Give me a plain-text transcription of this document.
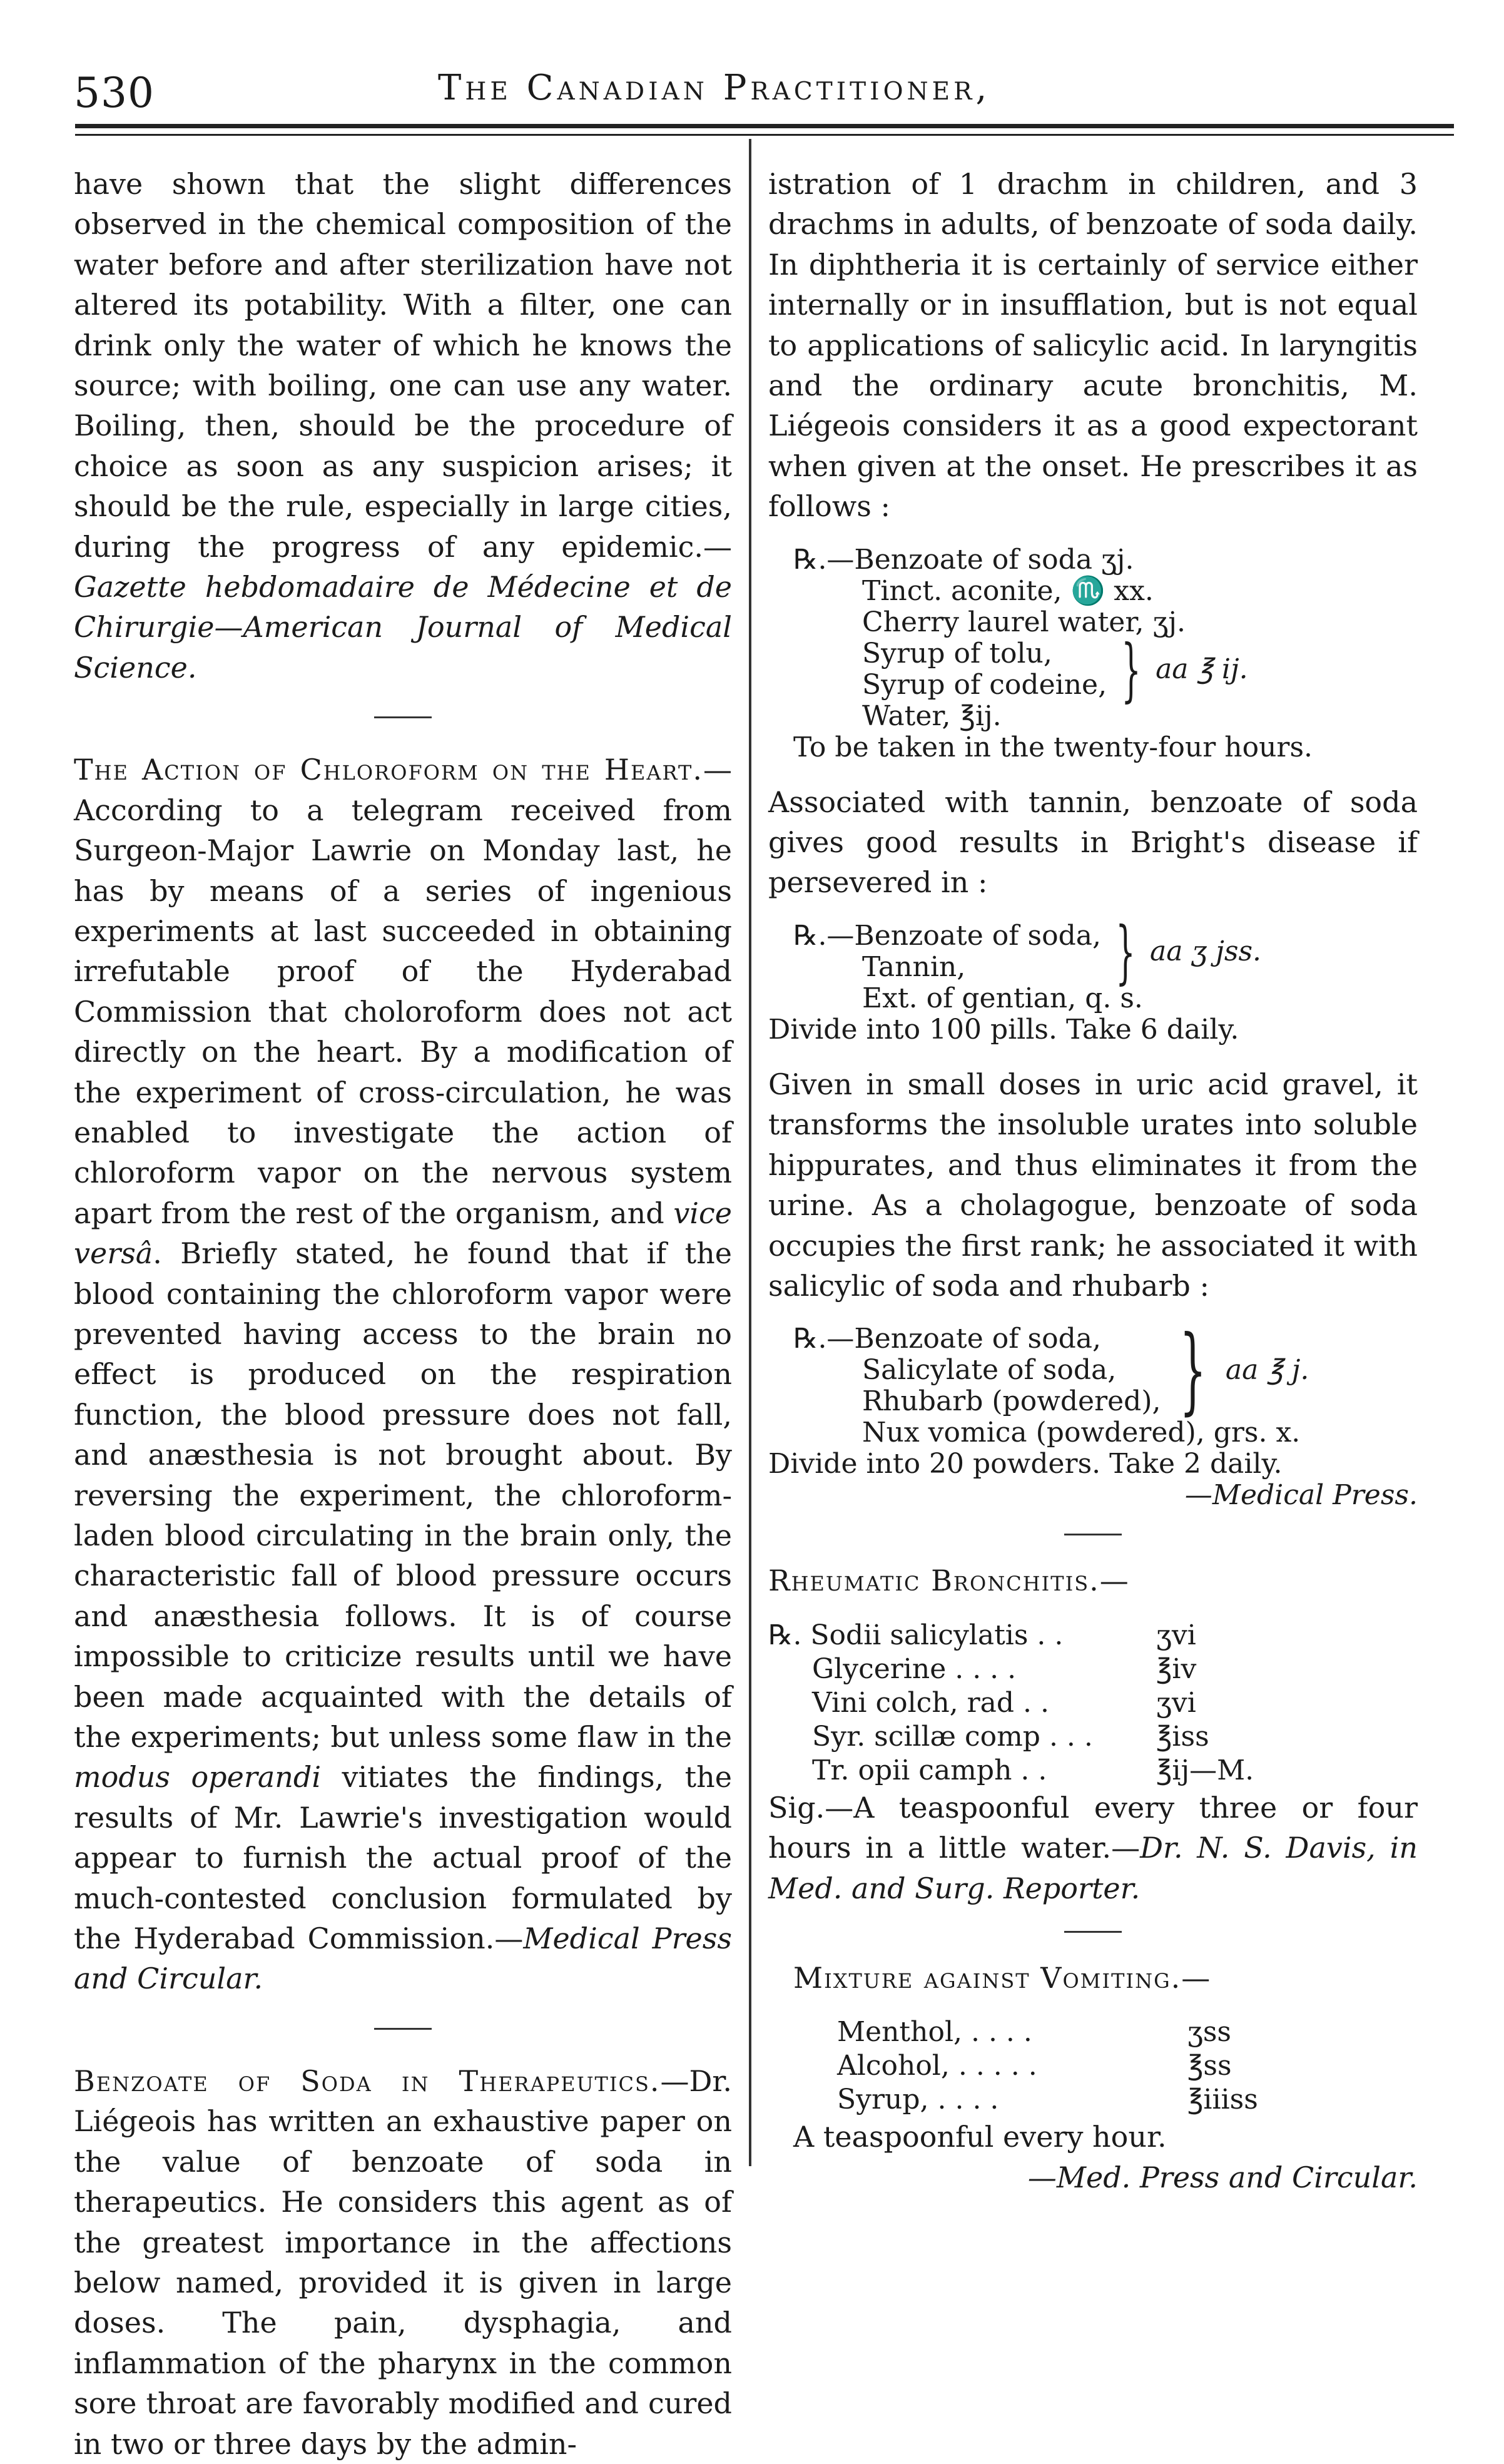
530	The Canadian Practitioner,

have shown that the slight differences observed in the chemical composition of the water before and after sterilization have not altered its potability. With a filter, one can drink only the water of which he knows the source; with boiling, one can use any water. Boiling, then, should be the procedure of choice as soon as any suspicion arises; it should be the rule, especially in large cities, during the progress of any epidemic.—Gazette hebdomadaire de Médecine et de Chirurgie—American Journal of Medical Science.

The Action of Chloroform on the Heart.—According to a telegram received from Surgeon-Major Lawrie on Monday last, he has by means of a series of ingenious experiments at last succeeded in obtaining irrefutable proof of the Hyderabad Commission that choloroform does not act directly on the heart. By a modification of the experiment of cross-circulation, he was enabled to investigate the action of chloroform vapor on the nervous system apart from the rest of the organism, and vice versâ. Briefly stated, he found that if the blood containing the chloroform vapor were prevented having access to the brain no effect is produced on the respiration function, the blood pressure does not fall, and anæsthesia is not brought about. By reversing the experiment, the chloroform-laden blood circulating in the brain only, the characteristic fall of blood pressure occurs and anæsthesia follows. It is of course impossible to criticize results until we have been made acquainted with the details of the experiments; but unless some flaw in the modus operandi vitiates the findings, the results of Mr. Lawrie's investigation would appear to furnish the actual proof of the much-contested conclusion formulated by the Hyderabad Commission.—Medical Press and Circular.

Benzoate of Soda in Therapeutics.—Dr. Liégeois has written an exhaustive paper on the value of benzoate of soda in therapeutics. He considers this agent as of the greatest importance in the affections below named, provided it is given in large doses. The pain, dysphagia, and inflammation of the pharynx in the common sore throat are favorably modified and cured in two or three days by the admin-

istration of 1 drachm in children, and 3 drachms in adults, of benzoate of soda daily. In diphtheria it is certainly of service either internally or in insufflation, but is not equal to applications of salicylic acid. In laryngitis and the ordinary acute bronchitis, M. Liégeois considers it as a good expectorant when given at the onset. He prescribes it as follows :

℞.—Benzoate of soda ʒj.
Tinct. aconite, ♏ xx.
Cherry laurel water, ʒj.
Syrup of tolu,
Syrup of codeine, } aa ℥ ij.
Water, ℥ij.
To be taken in the twenty-four hours.

Associated with tannin, benzoate of soda gives good results in Bright's disease if persevered in :

℞.—Benzoate of soda,
Tannin,	} aa ʒ jss.
Ext. of gentian, q. s.
Divide into 100 pills. Take 6 daily.

Given in small doses in uric acid gravel, it transforms the insoluble urates into soluble hippurates, and thus eliminates it from the urine. As a cholagogue, benzoate of soda occupies the first rank; he associated it with salicylic of soda and rhubarb :

℞.—Benzoate of soda,
Salicylate of soda,
Rhubarb (powdered), } aa ℥ j.
Nux vomica (powdered), grs. x.
Divide into 20 powders. Take 2 daily.
—Medical Press.

Rheumatic Bronchitis.—

℞. Sodii salicylatis . .	ʒvi
Glycerine . . . .	℥iv
Vini colch, rad . .	ʒvi
Syr. scillæ comp . . .	℥iss
Tr. opii camph . .	℥ij—M.

Sig.—A teaspoonful every three or four hours in a little water.—Dr. N. S. Davis, in Med. and Surg. Reporter.

Mixture against Vomiting.—

Menthol, . . . .	ʒss
Alcohol, . . . . .	℥ss
Syrup, . . . .	℥iiiss

A teaspoonful every hour.

—Med. Press and Circular.
